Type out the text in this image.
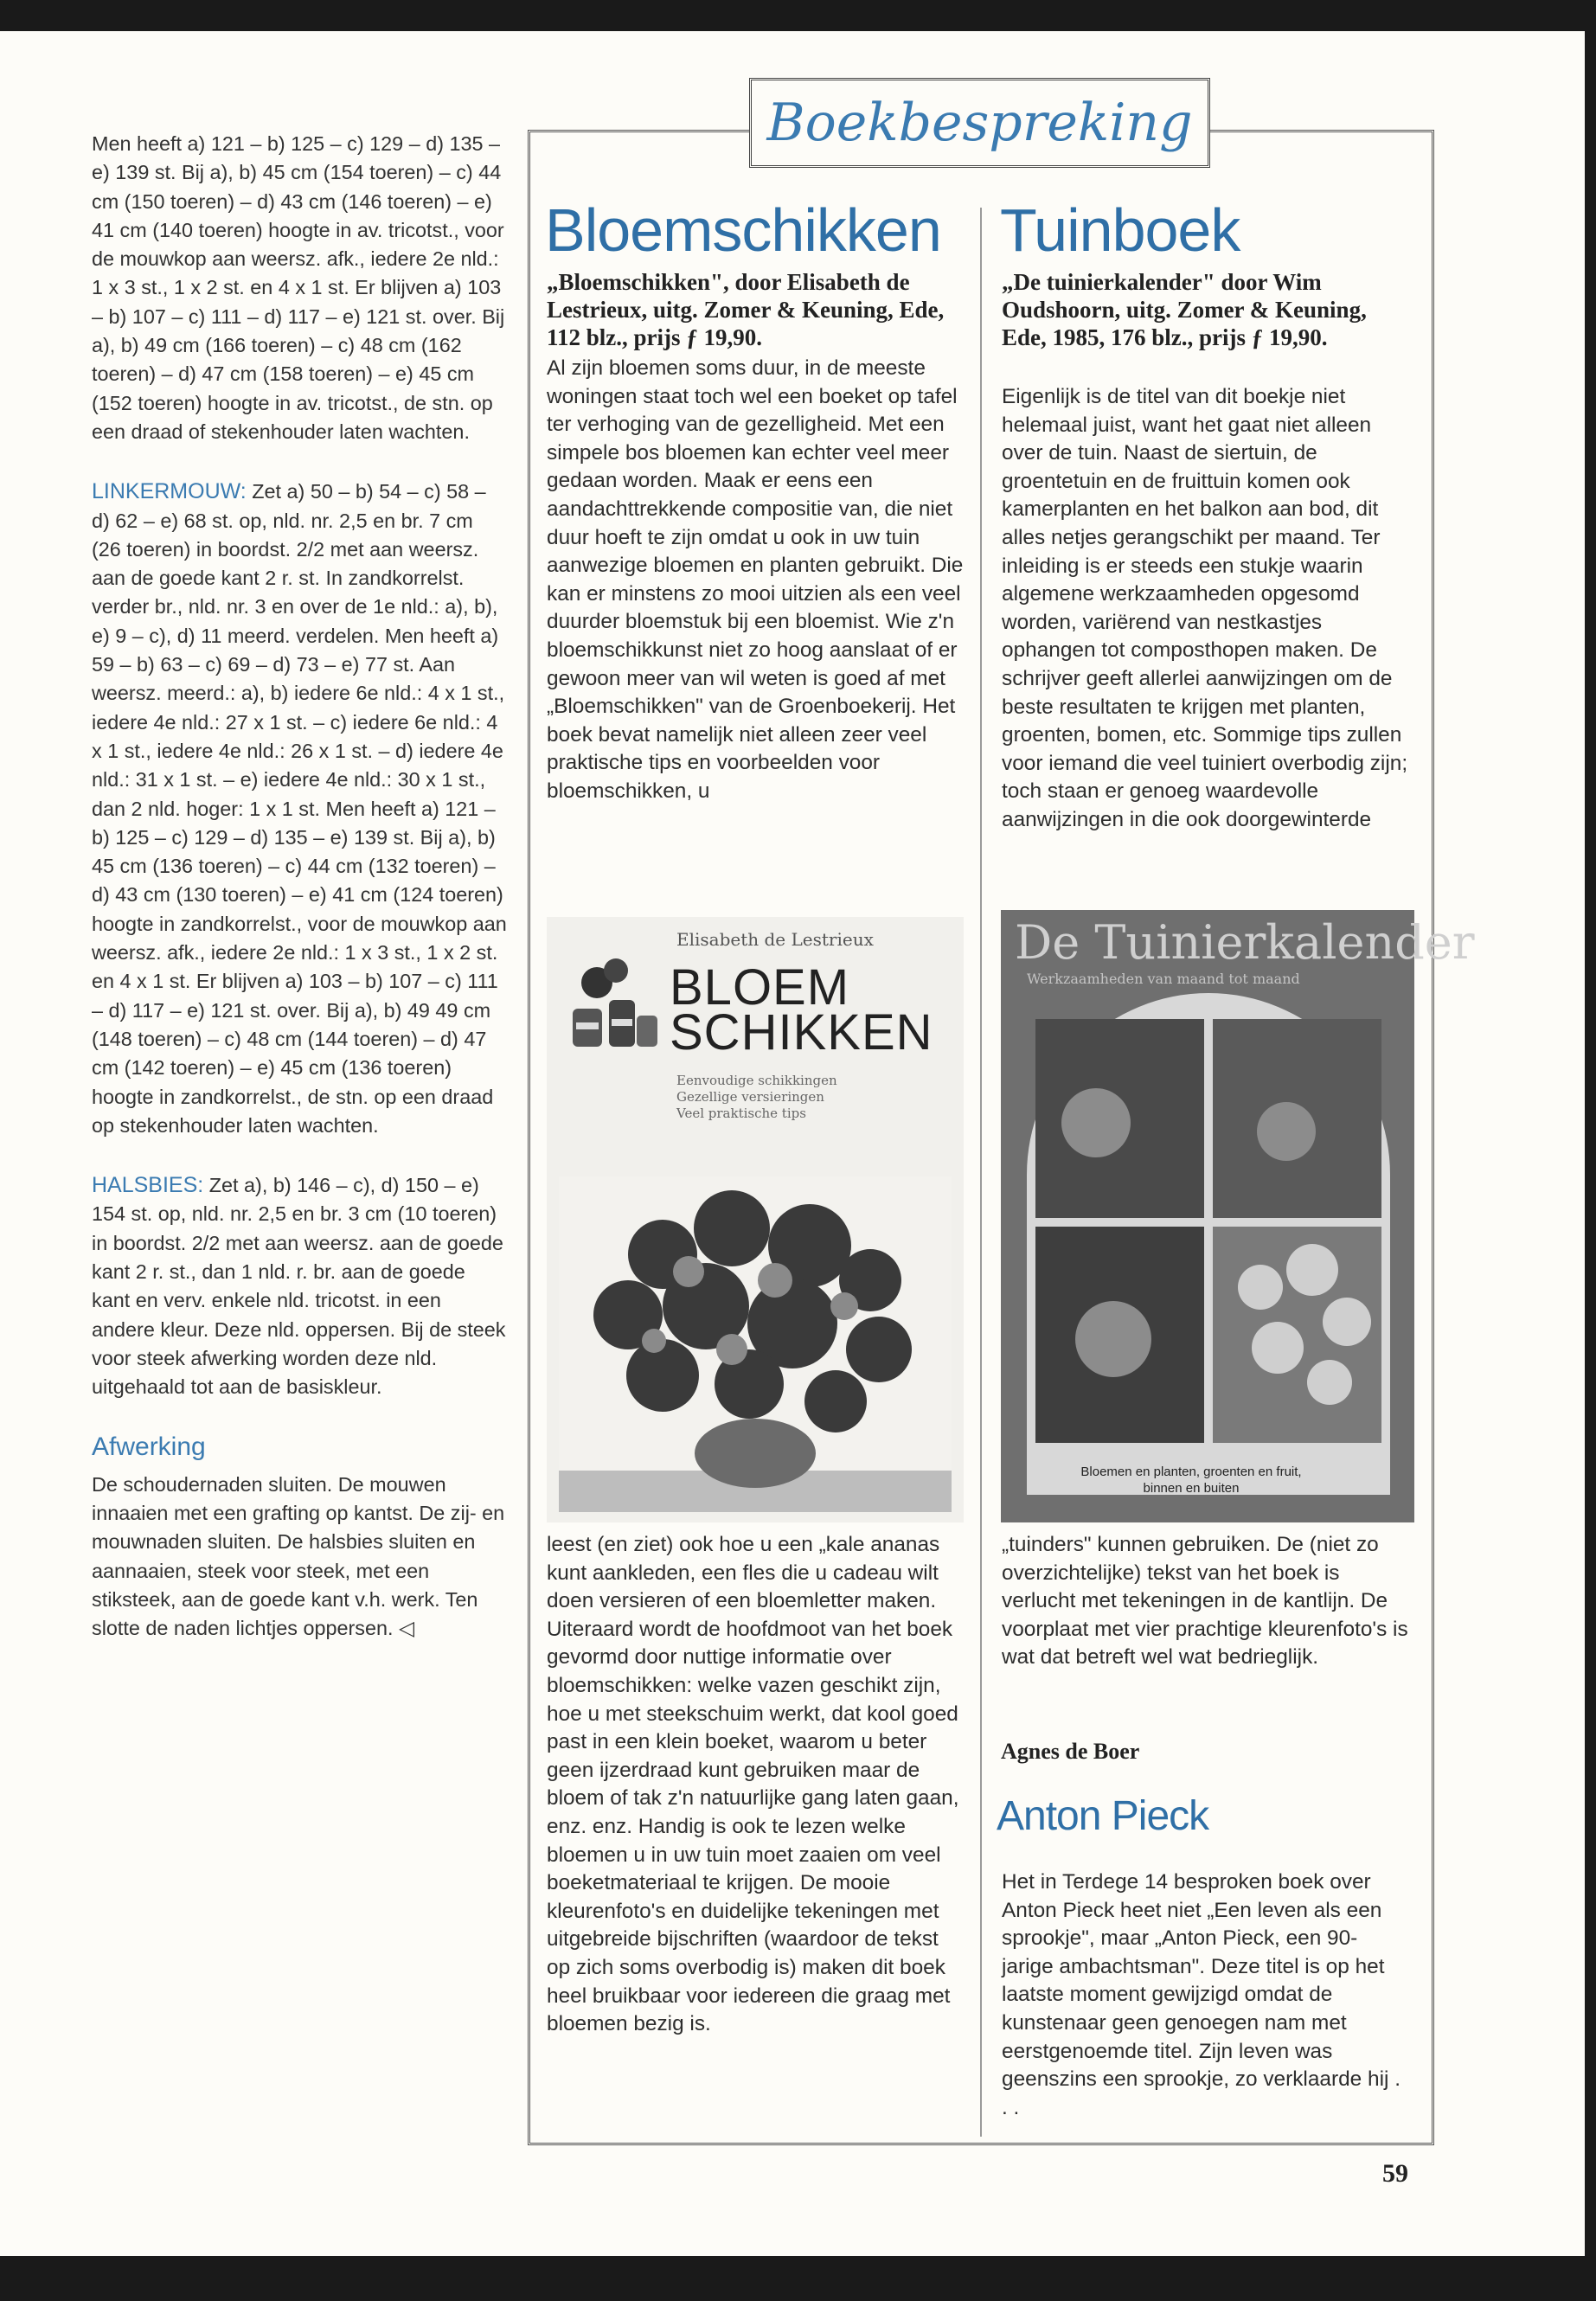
Men heeft a) 121 – b) 125 – c) 129 – d) 135 – e) 139 st. Bij a), b) 45 cm (154 toeren) – c) 44 cm (150 toeren) – d) 43 cm (146 toeren) – e) 41 cm (140 toeren) hoogte in av. tricotst., voor de mouwkop aan weersz. afk., iedere 2e nld.: 1 x 3 st., 1 x 2 st. en 4 x 1 st. Er blijven a) 103 – b) 107 – c) 111 – d) 117 – e) 121 st. over. Bij a), b) 49 cm (166 toeren) – c) 48 cm (162 toeren) – d) 47 cm (158 toeren) – e) 45 cm (152 toeren) hoogte in av. tricotst., de stn. op een draad of stekenhouder laten wachten.

LINKERMOUW: Zet a) 50 – b) 54 – c) 58 – d) 62 – e) 68 st. op, nld. nr. 2,5 en br. 7 cm (26 toeren) in boordst. 2/2 met aan weersz. aan de goede kant 2 r. st. In zandkorrelst. verder br., nld. nr. 3 en over de 1e nld.: a), b), e) 9 – c), d) 11 meerd. verdelen. Men heeft a) 59 – b) 63 – c) 69 – d) 73 – e) 77 st. Aan weersz. meerd.: a), b) iedere 6e nld.: 4 x 1 st., iedere 4e nld.: 27 x 1 st. – c) iedere 6e nld.: 4 x 1 st., iedere 4e nld.: 26 x 1 st. – d) iedere 4e nld.: 31 x 1 st. – e) iedere 4e nld.: 30 x 1 st., dan 2 nld. hoger: 1 x 1 st. Men heeft a) 121 – b) 125 – c) 129 – d) 135 – e) 139 st. Bij a), b) 45 cm (136 toeren) – c) 44 cm (132 toeren) – d) 43 cm (130 toeren) – e) 41 cm (124 toeren) hoogte in zandkorrelst., voor de mouwkop aan weersz. afk., iedere 2e nld.: 1 x 3 st., 1 x 2 st. en 4 x 1 st. Er blijven a) 103 – b) 107 – c) 111 – d) 117 – e) 121 st. over. Bij a), b) 49 49 cm (148 toeren) – c) 48 cm (144 toeren) – d) 47 cm (142 toeren) – e) 45 cm (136 toeren) hoogte in zandkorrelst., de stn. op een draad op stekenhouder laten wachten.

HALSBIES: Zet a), b) 146 – c), d) 150 – e) 154 st. op, nld. nr. 2,5 en br. 3 cm (10 toeren) in boordst. 2/2 met aan weersz. aan de goede kant 2 r. st., dan 1 nld. r. br. aan de goede kant en verv. enkele nld. tricotst. in een andere kleur. Deze nld. oppersen. Bij de steek voor steek afwerking worden deze nld. uitgehaald tot aan de basiskleur.

Afwerking

De schoudernaden sluiten. De mouwen innaaien met een grafting op kantst. De zij- en mouwnaden sluiten. De halsbies sluiten en aannaaien, steek voor steek, met een stiksteek, aan de goede kant v.h. werk. Ten slotte de naden lichtjes oppersen. ◁

Boekbespreking
Bloemschikken
„Bloemschikken", door Elisabeth de Lestrieux, uitg. Zomer & Keuning, Ede, 112 blz., prijs ƒ 19,90.

Al zijn bloemen soms duur, in de meeste woningen staat toch wel een boeket op tafel ter verhoging van de gezelligheid. Met een simpele bos bloemen kan echter veel meer gedaan worden. Maak er eens een aandachttrekkende compositie van, die niet duur hoeft te zijn omdat u ook in uw tuin aanwezige bloemen en planten gebruikt. Die kan er minstens zo mooi uitzien als een veel duurder bloemstuk bij een bloemist. Wie z'n bloemschikkunst niet zo hoog aanslaat of er gewoon meer van wil weten is goed af met „Bloemschikken" van de Groenboekerij. Het boek bevat namelijk niet alleen zeer veel praktische tips en voorbeelden voor bloemschikken, u

Elisabeth de Lestrieux
BLOEM
SCHIKKEN
Eenvoudige schikkingen
Gezellige versieringen
Veel praktische tips

leest (en ziet) ook hoe u een „kale ananas kunt aankleden, een fles die u cadeau wilt doen versieren of een bloemletter maken. Uiteraard wordt de hoofdmoot van het boek gevormd door nuttige informatie over bloemschikken: welke vazen geschikt zijn, hoe u met steekschuim werkt, dat kool goed past in een klein boeket, waarom u beter geen ijzerdraad kunt gebruiken maar de bloem of tak z'n natuurlijke gang laten gaan, enz. enz. Handig is ook te lezen welke bloemen u in uw tuin moet zaaien om veel boeketmateriaal te krijgen. De mooie kleurenfoto's en duidelijke tekeningen met uitgebreide bijschriften (waardoor de tekst op zich soms overbodig is) maken dit boek heel bruikbaar voor iedereen die graag met bloemen bezig is.

Tuinboek
„De tuinierkalender" door Wim Oudshoorn, uitg. Zomer & Keuning, Ede, 1985, 176 blz., prijs ƒ 19,90.

Eigenlijk is de titel van dit boekje niet helemaal juist, want het gaat niet alleen over de tuin. Naast de siertuin, de groentetuin en de fruittuin komen ook kamerplanten en het balkon aan bod, dit alles netjes gerangschikt per maand. Ter inleiding is er steeds een stukje waarin algemene werkzaamheden opgesomd worden, variërend van nestkastjes ophangen tot composthopen maken. De schrijver geeft allerlei aanwijzingen om de beste resultaten te krijgen met planten, groenten, bomen, etc. Sommige tips zullen voor iemand die veel tuiniert overbodig zijn; toch staan er genoeg waardevolle aanwijzingen in die ook doorgewinterde

De Tuinierkalender
Werkzaamheden van maand tot maand
Bloemen en planten, groenten en fruit, binnen en buiten

„tuinders" kunnen gebruiken. De (niet zo overzichtelijke) tekst van het boek is verlucht met tekeningen in de kantlijn. De voorplaat met vier prachtige kleurenfoto's is wat dat betreft wel wat bedrieglijk.

Agnes de Boer
Anton Pieck

Het in Terdege 14 besproken boek over Anton Pieck heet niet „Een leven als een sprookje", maar „Anton Pieck, een 90-jarige ambachtsman". Deze titel is op het laatste moment gewijzigd omdat de kunstenaar geen genoegen nam met eerstgenoemde titel. Zijn leven was geenszins een sprookje, zo verklaarde hij . . .

59
